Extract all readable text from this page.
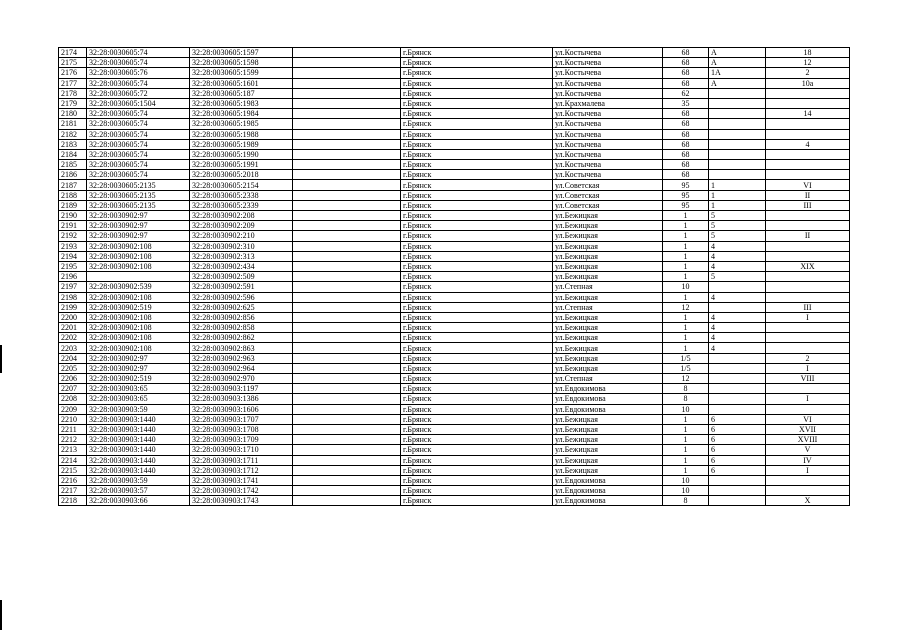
2174	32:28:0030605:74	32:28:0030605:1597		г.Брянск	ул.Костычева	68	А	18
2175	32:28:0030605:74	32:28:0030605:1598		г.Брянск	ул.Костычева	68	А	12
2176	32:28:0030605:76	32:28:0030605:1599		г.Брянск	ул.Костычева	68	1А	2
2177	32:28:0030605:74	32:28:0030605:1601		г.Брянск	ул.Костычева	68	А	10а
2178	32:28:0030605:72	32:28:0030605:187		г.Брянск	ул.Костычева	62		
2179	32:28:0030605:1504	32:28:0030605:1983		г.Брянск	ул.Крахмалева	35		
2180	32:28:0030605:74	32:28:0030605:1984		г.Брянск	ул.Костычева	68		14
2181	32:28:0030605:74	32:28:0030605:1985		г.Брянск	ул.Костычева	68		
2182	32:28:0030605:74	32:28:0030605:1988		г.Брянск	ул.Костычева	68		
2183	32:28:0030605:74	32:28:0030605:1989		г.Брянск	ул.Костычева	68		4
2184	32:28:0030605:74	32:28:0030605:1990		г.Брянск	ул.Костычева	68		
2185	32:28:0030605:74	32:28:0030605:1991		г.Брянск	ул.Костычева	68		
2186	32:28:0030605:74	32:28:0030605:2018		г.Брянск	ул.Костычева	68		
2187	32:28:0030605:2135	32:28:0030605:2154		г.Брянск	ул.Советская	95	1	VI
2188	32:28:0030605:2135	32:28:0030605:2338		г.Брянск	ул.Советская	95	1	II
2189	32:28:0030605:2135	32:28:0030605:2339		г.Брянск	ул.Советская	95	1	III
2190	32:28:0030902:97	32:28:0030902:208		г.Брянск	ул.Бежицкая	1	5	
2191	32:28:0030902:97	32:28:0030902:209		г.Брянск	ул.Бежицкая	1	5	
2192	32:28:0030902:97	32:28:0030902:210		г.Брянск	ул.Бежицкая	1	5	II
2193	32:28:0030902:108	32:28:0030902:310		г.Брянск	ул.Бежицкая	1	4	
2194	32:28:0030902:108	32:28:0030902:313		г.Брянск	ул.Бежицкая	1	4	
2195	32:28:0030902:108	32:28:0030902:434		г.Брянск	ул.Бежицкая	1	4	XIX
2196		32:28:0030902:509		г.Брянск	ул.Бежицкая	1	5	
2197	32:28:0030902:539	32:28:0030902:591		г.Брянск	ул.Степная	10		
2198	32:28:0030902:108	32:28:0030902:596		г.Брянск	ул.Бежицкая	1	4	
2199	32:28:0030902:519	32:28:0030902:625		г.Брянск	ул.Степная	12		III
2200	32:28:0030902:108	32:28:0030902:856		г.Брянск	ул.Бежицкая	1	4	I
2201	32:28:0030902:108	32:28:0030902:858		г.Брянск	ул.Бежицкая	1	4	
2202	32:28:0030902:108	32:28:0030902:862		г.Брянск	ул.Бежицкая	1	4	
2203	32:28:0030902:108	32:28:0030902:863		г.Брянск	ул.Бежицкая	1	4	
2204	32:28:0030902:97	32:28:0030902:963		г.Брянск	ул.Бежицкая	1/5		2
2205	32:28:0030902:97	32:28:0030902:964		г.Брянск	ул.Бежицкая	1/5		I
2206	32:28:0030902:519	32:28:0030902:970		г.Брянск	ул.Степная	12		VIII
2207	32:28:0030903:65	32:28:0030903:1197		г.Брянск	ул.Евдокимова	8		
2208	32:28:0030903:65	32:28:0030903:1386		г.Брянск	ул.Евдокимова	8		I
2209	32:28:0030903:59	32:28:0030903:1606		г.Брянск	ул.Евдокимова	10		
2210	32:28:0030903:1440	32:28:0030903:1707		г.Брянск	ул.Бежицкая	1	6	VI
2211	32:28:0030903:1440	32:28:0030903:1708		г.Брянск	ул.Бежицкая	1	6	XVII
2212	32:28:0030903:1440	32:28:0030903:1709		г.Брянск	ул.Бежицкая	1	6	XVIII
2213	32:28:0030903:1440	32:28:0030903:1710		г.Брянск	ул.Бежицкая	1	6	V
2214	32:28:0030903:1440	32:28:0030903:1711		г.Брянск	ул.Бежицкая	1	6	IV
2215	32:28:0030903:1440	32:28:0030903:1712		г.Брянск	ул.Бежицкая	1	6	I
2216	32:28:0030903:59	32:28:0030903:1741		г.Брянск	ул.Евдокимова	10		
2217	32:28:0030903:57	32:28:0030903:1742		г.Брянск	ул.Евдокимова	10		
2218	32:28:0030903:66	32:28:0030903:1743		г.Брянск	ул.Евдокимова	8		X
